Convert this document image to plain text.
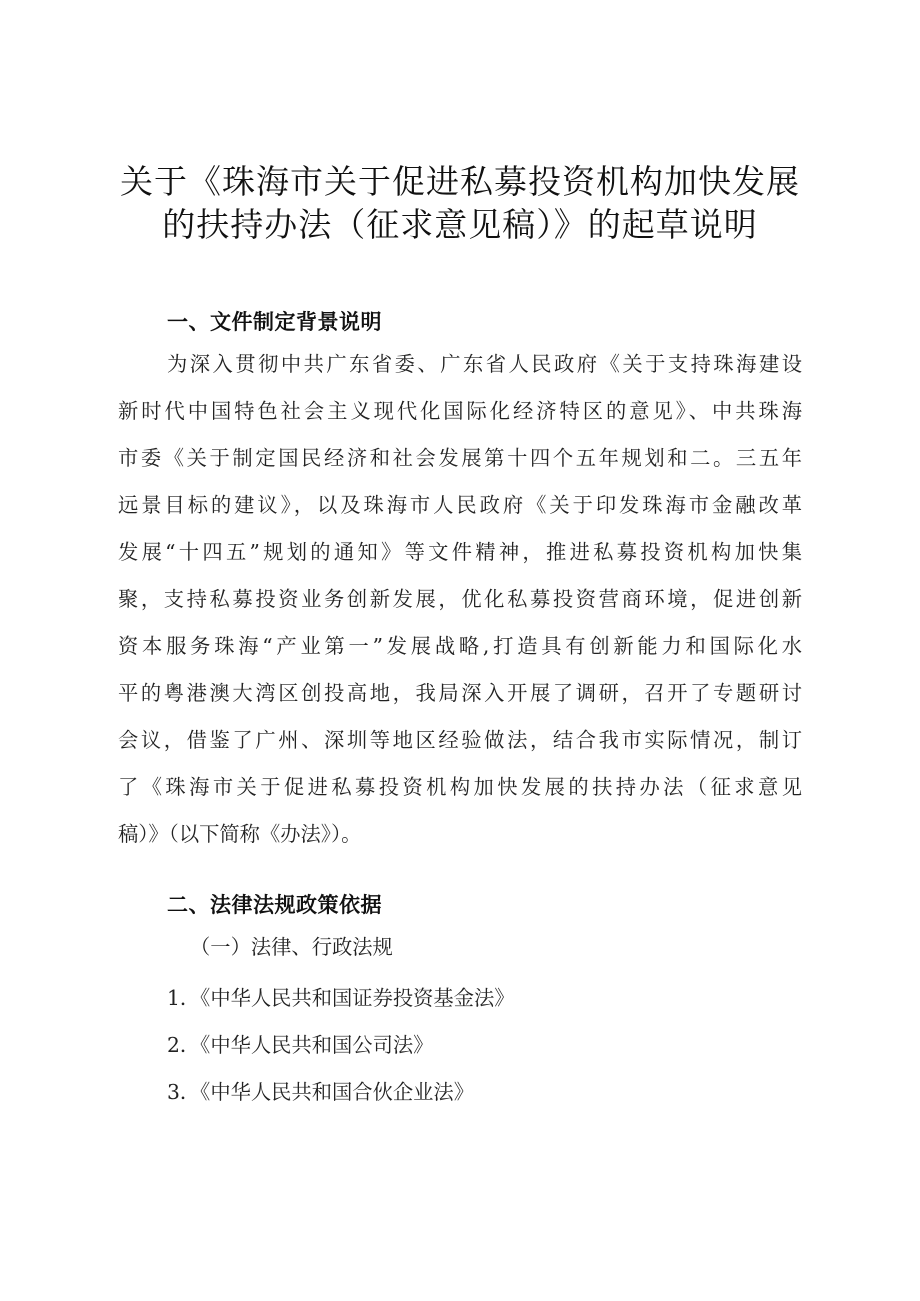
关于《珠海市关于促进私募投资机构加快发展
的扶持办法（征求意见稿）》的起草说明
一、文件制定背景说明
为深入贯彻中共广东省委、广东省人民政府《关于支持珠海建设
新时代中国特色社会主义现代化国际化经济特区的意见》、中共珠海
市委《关于制定国民经济和社会发展第十四个五年规划和二。三五年
远景目标的建议》，以及珠海市人民政府《关于印发珠海市金融改革
发展“十四五”规划的通知》等文件精神，推进私募投资机构加快集
聚，支持私募投资业务创新发展，优化私募投资营商环境，促进创新
资本服务珠海“产业第一”发展战略,打造具有创新能力和国际化水
平的粤港澳大湾区创投高地，我局深入开展了调研，召开了专题研讨
会议，借鉴了广州、深圳等地区经验做法，结合我市实际情况，制订
了《珠海市关于促进私募投资机构加快发展的扶持办法（征求意见
稿）》（以下简称《办法》）。
二、法律法规政策依据
（一）法律、行政法规
1．《中华人民共和国证券投资基金法》
2．《中华人民共和国公司法》
3．《中华人民共和国合伙企业法》
